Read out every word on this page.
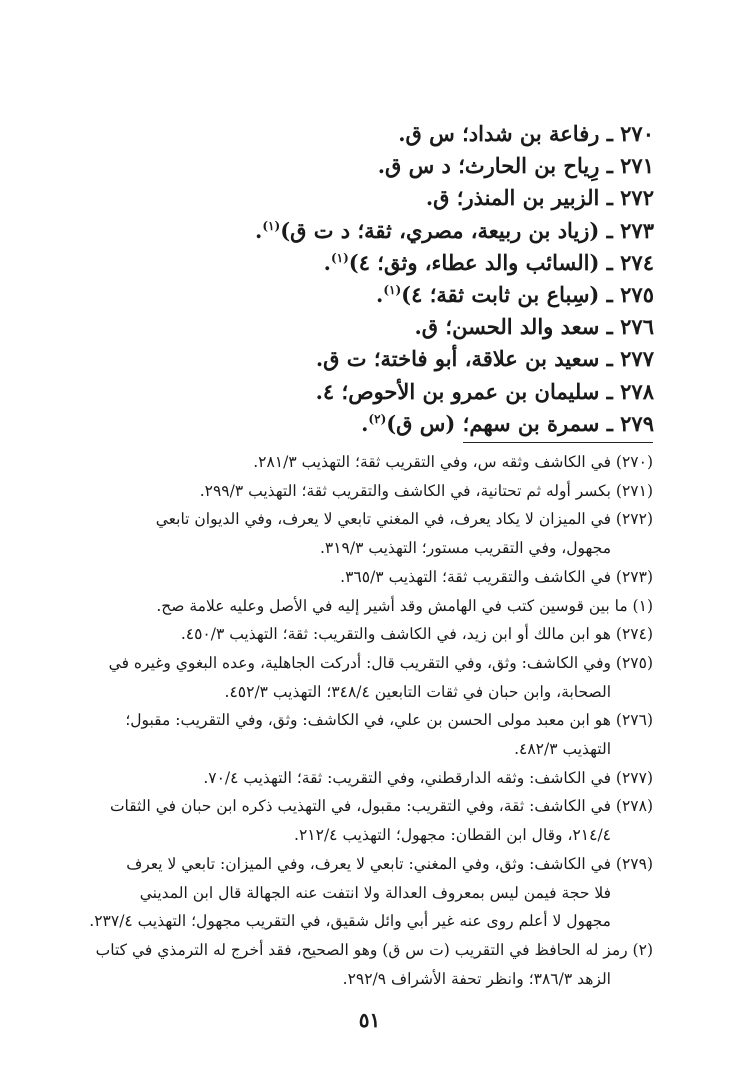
٢٧٠ ـ رفاعة بن شداد؛ س ق.
٢٧١ ـ رِياح بن الحارث؛ د س ق.
٢٧٢ ـ الزبير بن المنذر؛ ق.
٢٧٣ ـ (زياد بن ربيعة، مصري، ثقة؛ د ت ق)$^{(١)}$.
٢٧٤ ـ (السائب والد عطاء، وثق؛ ٤)$^{(١)}$.
٢٧٥ ـ (سِباع بن ثابت ثقة؛ ٤)$^{(١)}$.
٢٧٦ ـ سعد والد الحسن؛ ق.
٢٧٧ ـ سعيد بن علاقة، أبو فاختة؛ ت ق.
٢٧٨ ـ سليمان بن عمرو بن الأحوص؛ ٤.
٢٧٩ ـ سمرة بن سهم؛ (س ق)$^{(٢)}$.
(٢٧٠) في الكاشف وثقه س، وفي التقريب ثقة؛ التهذيب ٢٨١/٣.
(٢٧١) بكسر أوله ثم تحتانية، في الكاشف والتقريب ثقة؛ التهذيب ٢٩٩/٣.
(٢٧٢) في الميزان لا يكاد يعرف، في المغني تابعي لا يعرف، وفي الديوان تابعي
مجهول، وفي التقريب مستور؛ التهذيب ٣١٩/٣.
(٢٧٣) في الكاشف والتقريب ثقة؛ التهذيب ٣٦٥/٣.
(١) ما بين قوسين كتب في الهامش وقد أشير إليه في الأصل وعليه علامة صح.
(٢٧٤) هو ابن مالك أو ابن زيد، في الكاشف والتقريب: ثقة؛ التهذيب ٤٥٠/٣.
(٢٧٥) وفي الكاشف: وثق، وفي التقريب قال: أدركت الجاهلية، وعده البغوي وغيره في
الصحابة، وابن حبان في ثقات التابعين ٣٤٨/٤؛ التهذيب ٤٥٢/٣.
(٢٧٦) هو ابن معبد مولى الحسن بن علي، في الكاشف: وثق، وفي التقريب: مقبول؛
التهذيب ٤٨٢/٣.
(٢٧٧) في الكاشف: وثقه الدارقطني، وفي التقريب: ثقة؛ التهذيب ٧٠/٤.
(٢٧٨) في الكاشف: ثقة، وفي التقريب: مقبول، في التهذيب ذكره ابن حبان في الثقات
٢١٤/٤، وقال ابن القطان: مجهول؛ التهذيب ٢١٢/٤.
(٢٧٩) في الكاشف: وثق، وفي المغني: تابعي لا يعرف، وفي الميزان: تابعي لا يعرف
فلا حجة فيمن ليس بمعروف العدالة ولا انتفت عنه الجهالة قال ابن المديني
مجهول لا أعلم روى عنه غير أبي وائل شقيق، في التقريب مجهول؛ التهذيب ٢٣٧/٤.
(٢) رمز له الحافظ في التقريب (ت س ق) وهو الصحيح، فقد أخرج له الترمذي في كتاب
الزهد ٣٨٦/٣؛ وانظر تحفة الأشراف ٢٩٢/٩.
٥١
